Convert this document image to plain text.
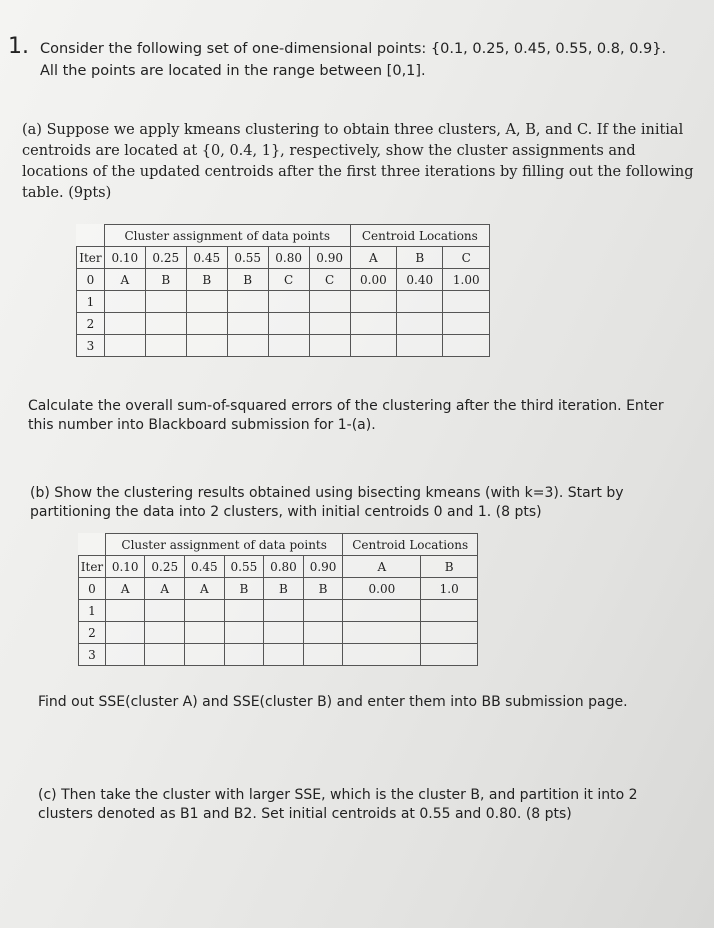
1. Consider the following set of one-dimensional points: {0.1, 0.25, 0.45, 0.55, 0.8, 0.9}. All the points are located in the range between [0,1].
(a) Suppose we apply kmeans clustering to obtain three clusters, A, B, and C. If the initial centroids are located at {0, 0.4, 1}, respectively, show the cluster assignments and locations of the updated centroids after the first three iterations by filling out the following table. (9pts)
	Cluster assignment of data points						Centroid Locations		
Iter	0.10	0.25	0.45	0.55	0.80	0.90	A	B	C
0	A	B	B	B	C	C	0.00	0.40	1.00
1									
2									
3									
Calculate the overall sum-of-squared errors of the clustering after the third iteration. Enter this number into Blackboard submission for 1-(a).
(b) Show the clustering results obtained using bisecting kmeans (with k=3). Start by partitioning the data into 2 clusters, with initial centroids 0 and 1. (8 pts)
	Cluster assignment of data points						Centroid Locations	
Iter	0.10	0.25	0.45	0.55	0.80	0.90	A	B
0	A	A	A	B	B	B	0.00	1.0
1								
2								
3								
Find out SSE(cluster A) and SSE(cluster B) and enter them into BB submission page.
(c) Then take the cluster with larger SSE, which is the cluster B, and partition it into 2 clusters denoted as B1 and B2. Set initial centroids at 0.55 and 0.80. (8 pts)
